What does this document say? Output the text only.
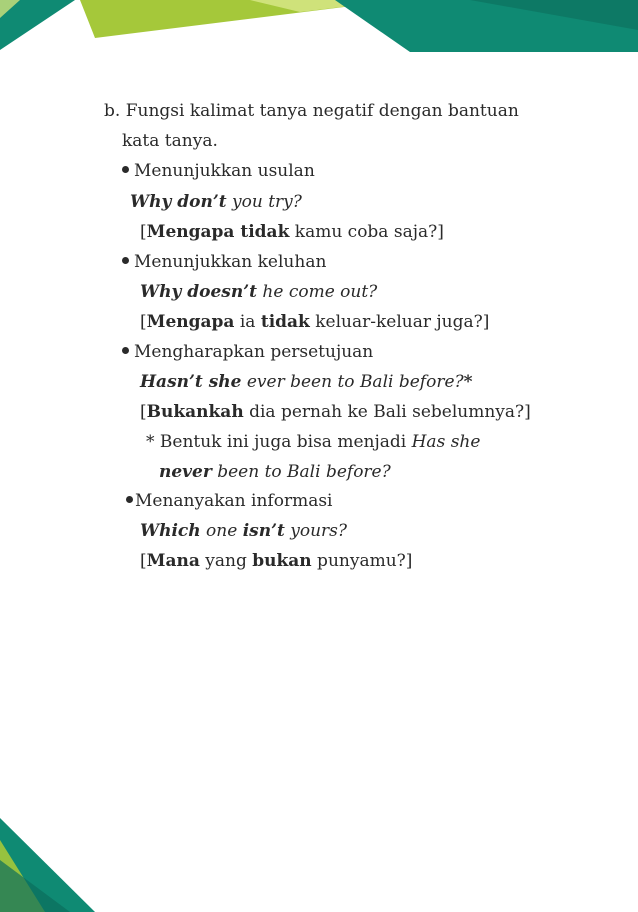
b. Fungsi kalimat tanya negatif dengan bantuan
kata tanya.
Menunjukkan usulan
Why don’t you try?
[Mengapa tidak kamu coba saja?]
Menunjukkan keluhan
Why doesn’t he come out?
[Mengapa ia tidak keluar-keluar juga?]
Mengharapkan persetujuan
Hasn’t she ever been to Bali before?*
[Bukankah dia pernah ke Bali sebelumnya?]
* Bentuk ini juga bisa menjadi Has she
never been to Bali before?
Menanyakan informasi
Which one isn’t yours?
[Mana yang bukan punyamu?]
